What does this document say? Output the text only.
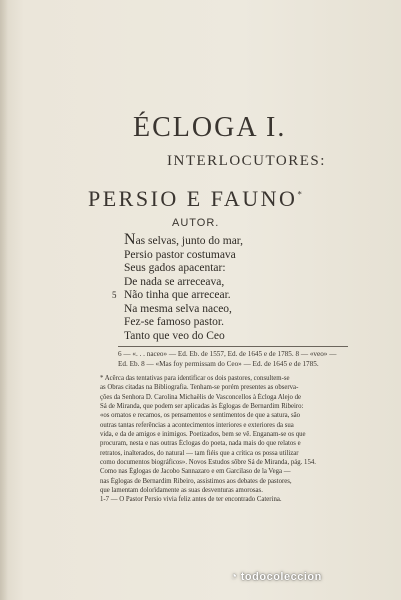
ÉCLOGA I.
INTERLOCUTORES:
PERSIO E FAUNO*
AUTOR.
Nas selvas, junto do mar,
Persio pastor costumava
Seus gados apacentar:
De nada se arreceava,
5 Não tinha que arrecear.
Na mesma selva naceo,
Fez-se famoso pastor.
Tanto que veo do Ceo
6 — «. . . naceo» — Ed. Eb. de 1557, Ed. de 1645 e de 1785. 8 — «veo» —
Ed. Eb. 8 — «Mas foy permissam do Ceo» — Ed. de 1645 e de 1785.
* Acêrca das tentativas para identificar os dois pastores, consultem-se
as Obras citadas na Bibliografia. Tenham-se porém presentes as observa-
ções da Senhora D. Carolina Michaëlis de Vasconcellos à Écloga Alejo de
Sá de Miranda, que podem ser aplicadas às Églogas de Bernardim Ribeiro:
«os ornatos e recamos, os pensamentos e sentimentos de que a satura, são
outras tantas referências a acontecimentos interiores e exteriores da sua
vida, e da de amigos e inimigos. Poetizados, bem se vê. Enganam-se os que
procuram, nesta e nas outras Éclogas do poeta, nada mais do que relatos e
retratos, inalterados, do natural — tam fiéis que a crítica os possa utilizar
como documentos biográficos». Novos Estudos sôbre Sá de Miranda, pág. 154.
Como nas Églogas de Jacobo Sannazaro e em Garcilaso de la Vega —
nas Églogas de Bernardim Ribeiro, assistimos aos debates de pastores,
que lamentam dolorïdamente as suas desventuras amorosas.
1-7 — O Pastor Persio vivia feliz antes de ter encontrado Caterina.
◔ todocoleccion
